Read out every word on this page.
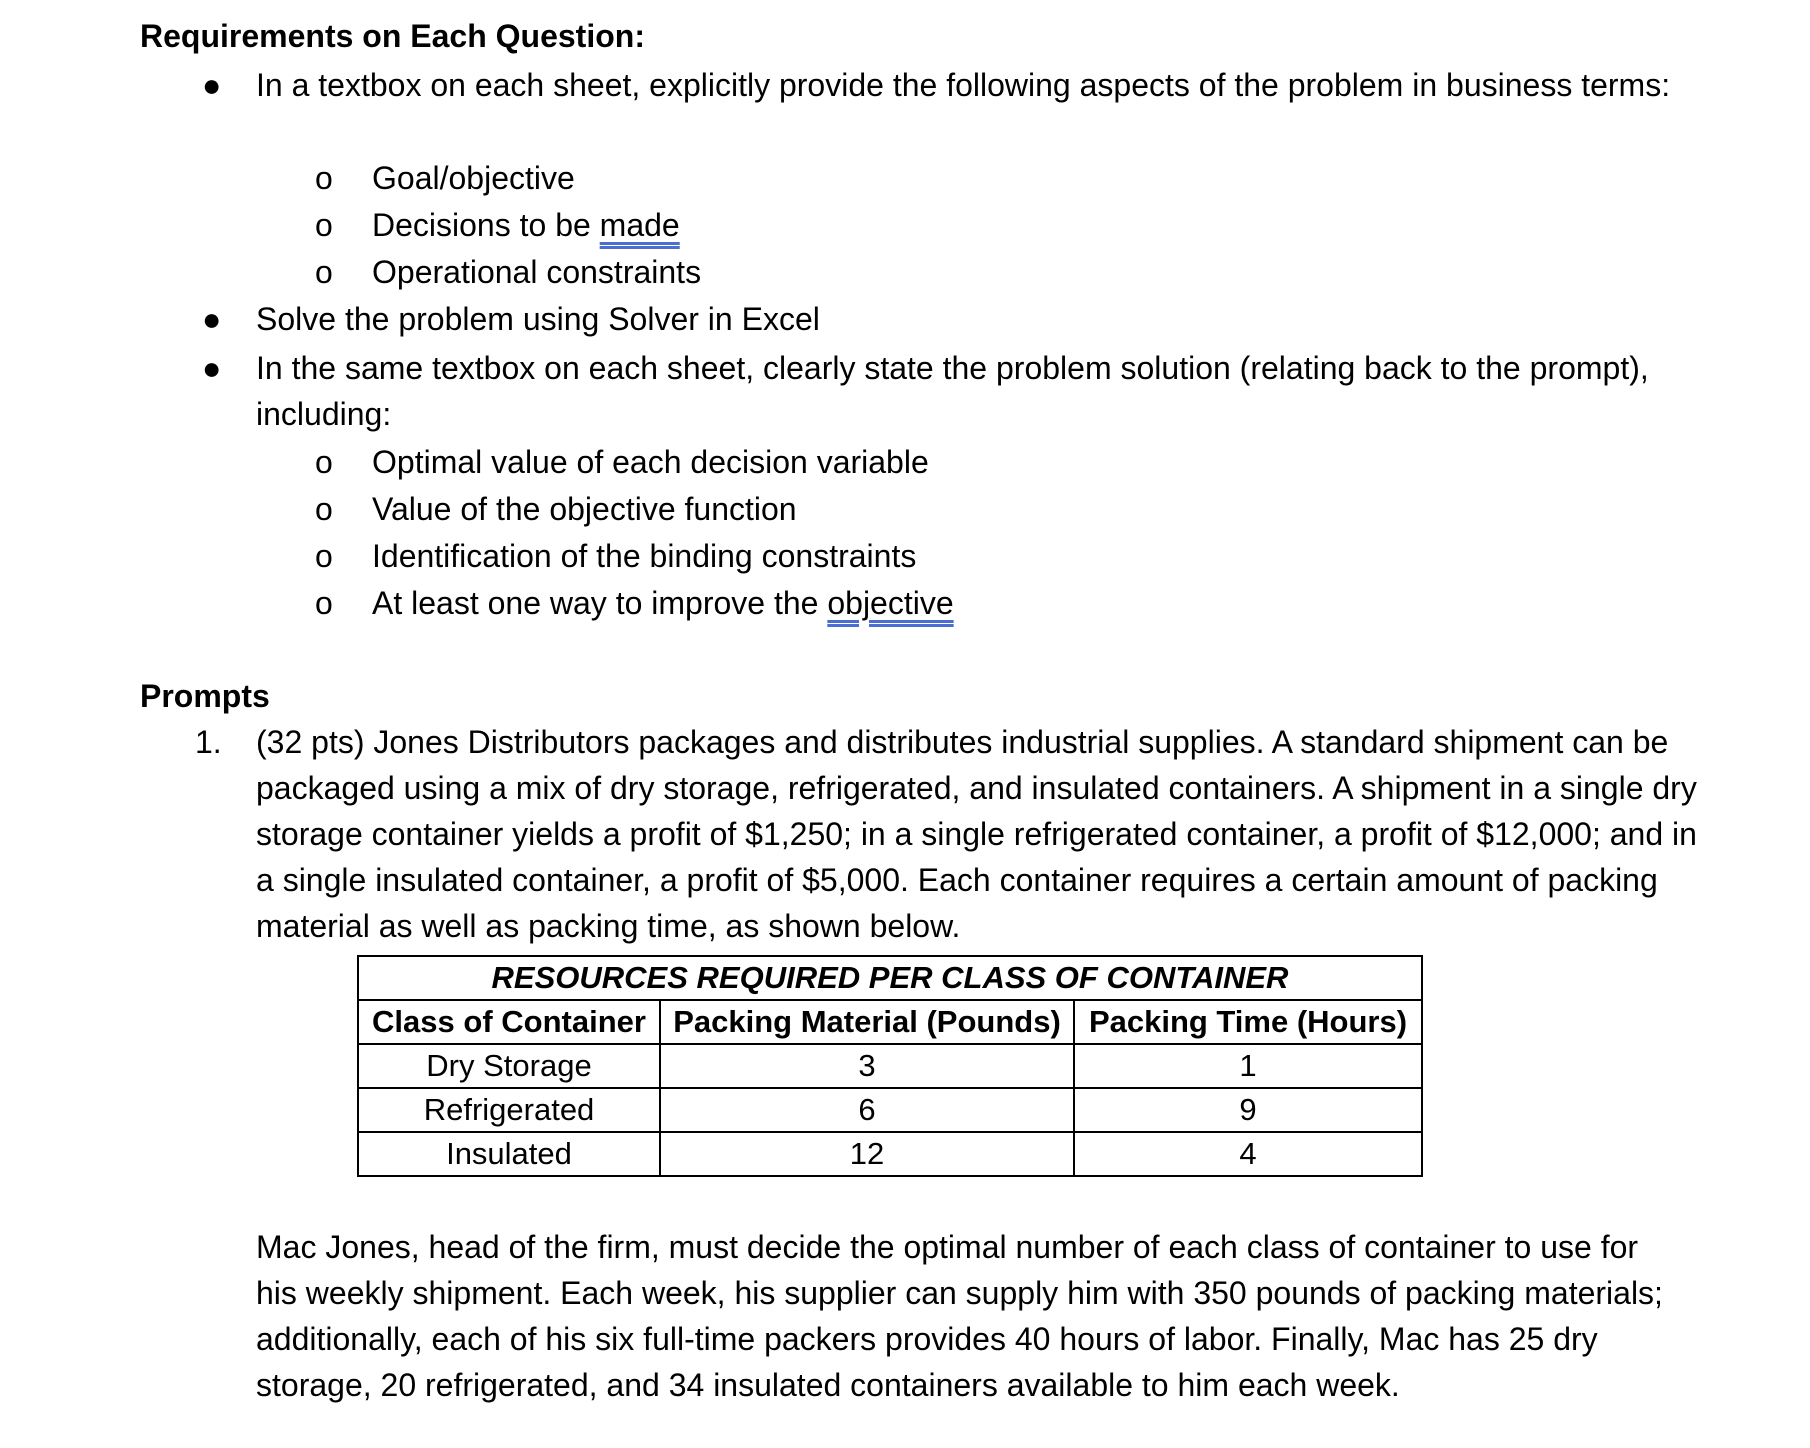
Requirements on Each Question:
● In a textbox on each sheet, explicitly provide the following aspects of the problem in business terms:
o Goal/objective
o Decisions to be made
o Operational constraints
● Solve the problem using Solver in Excel
● In the same textbox on each sheet, clearly state the problem solution (relating back to the prompt), including:
o Optimal value of each decision variable
o Value of the objective function
o Identification of the binding constraints
o At least one way to improve the objective
Prompts
1. (32 pts) Jones Distributors packages and distributes industrial supplies. A standard shipment can be packaged using a mix of dry storage, refrigerated, and insulated containers. A shipment in a single dry storage container yields a profit of $1,250; in a single refrigerated container, a profit of $12,000; and in a single insulated container, a profit of $5,000. Each container requires a certain amount of packing material as well as packing time, as shown below.
RESOURCES REQUIRED PER CLASS OF CONTAINER		
Class of Container	Packing Material (Pounds)	Packing Time (Hours)
Dry Storage	3	1
Refrigerated	6	9
Insulated	12	4
Mac Jones, head of the firm, must decide the optimal number of each class of container to use for his weekly shipment. Each week, his supplier can supply him with 350 pounds of packing materials; additionally, each of his six full-time packers provides 40 hours of labor. Finally, Mac has 25 dry storage, 20 refrigerated, and 34 insulated containers available to him each week.
